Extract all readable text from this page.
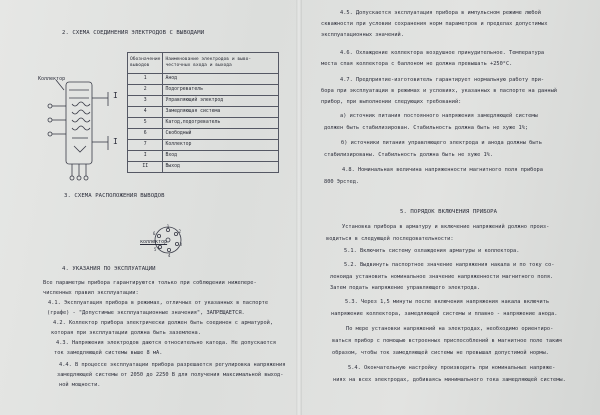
2. СХЕМА СОЕДИНЕНИЯ ЭЛЕКТРОДОВ С ВЫВОДАМИ
Коллектор
I
I
Обозначение
выводов	Наименование электродов и выво-
честочных входа и выхода

1	Анод
2	Подогреватель
3	Управляющий электрод
4	Замедляющая система
5	Катод,подогреватель
6	Свободный
7	Коллектор
I	Вход
II	Выход
3. СХЕМА РАСПОЛОЖЕНИЯ ВЫВОДОВ
1
2
3
4
5
6
коллектор
4. УКАЗАНИЯ ПО ЭКСПЛУАТАЦИИ
Все параметры прибора гарантируются только при соблюдении нижепере-
численных правил эксплуатации:
4.1. Эксплуатация прибора в режимах, отличных от указанных в паспорте
(графе) - "Допустимые эксплуатационные значения", ЗАПРЕЩАЕТСЯ.
4.2. Коллектор прибора электрически должен быть соединен с арматурой,
которая при эксплуатации должна быть заземлена.
4.3. Напряжения электродов даются относительно катода. Не допускается
ток замедляющей системы выше 8 мА.
4.4. В процессе эксплуатации прибора разрешается регулировка напряжения
замедляющей системы от 2050 до 2250 В для получения максимальной выход-
ной мощности.
4.5. Допускается эксплуатация прибора в импульсном режиме любой
скважности при условии сохранения норм параметров и пределах допустимых
эксплуатационных значений.
4.6. Охлаждение коллектора воздушное принудительное. Температура
места спая коллектора с баллоном не должна превышать +250°С.
4.7. Предприятие-изготовитель гарантирует нормальную работу при-
бора при эксплуатации в режимах и условиях, указанных в паспорте на данный
прибор, при выполнении следующих требований:
а) источник питания постоянного напряжения замедляющей системы
должен быть стабилизирован. Стабильность должна быть не хуже 1%;
б) источники питания управляющего электрода и анода должны быть
стабилизированы. Стабильность должна быть не хуже 1%.
4.8. Номинальная величина напряженности магнитного поля прибора
800 Эрстед.
5. ПОРЯДОК ВКЛЮЧЕНИЯ ПРИБОРА
Установка прибора в арматуру и включение напряжений должно произ-
водиться в следующей последовательности:
5.1. Включить систему охлаждения арматуры и коллектора.
5.2. Выдвинуть паспортное значение напряжения накала и по току со-
леноида установить номинальное значение напряженности магнитного поля.
Затем подать напряжение управляющего электрода.
5.3. Через 1,5 минуты после включения напряжения накала включить
напряжение коллектора, замедляющей системы и плавно - напряжение анода.
По мере установки напряжений на электродах, необходимо ориентиро-
ваться прибор с помощью встроенных приспособлений в магнитное поле таким
образом, чтобы ток замедляющей системы не превышал допустимой нормы.
5.4. Окончательную настройку производить при номинальных напряже-
ниях на всех электродах, добиваясь минимального тока замедляющей системы.
